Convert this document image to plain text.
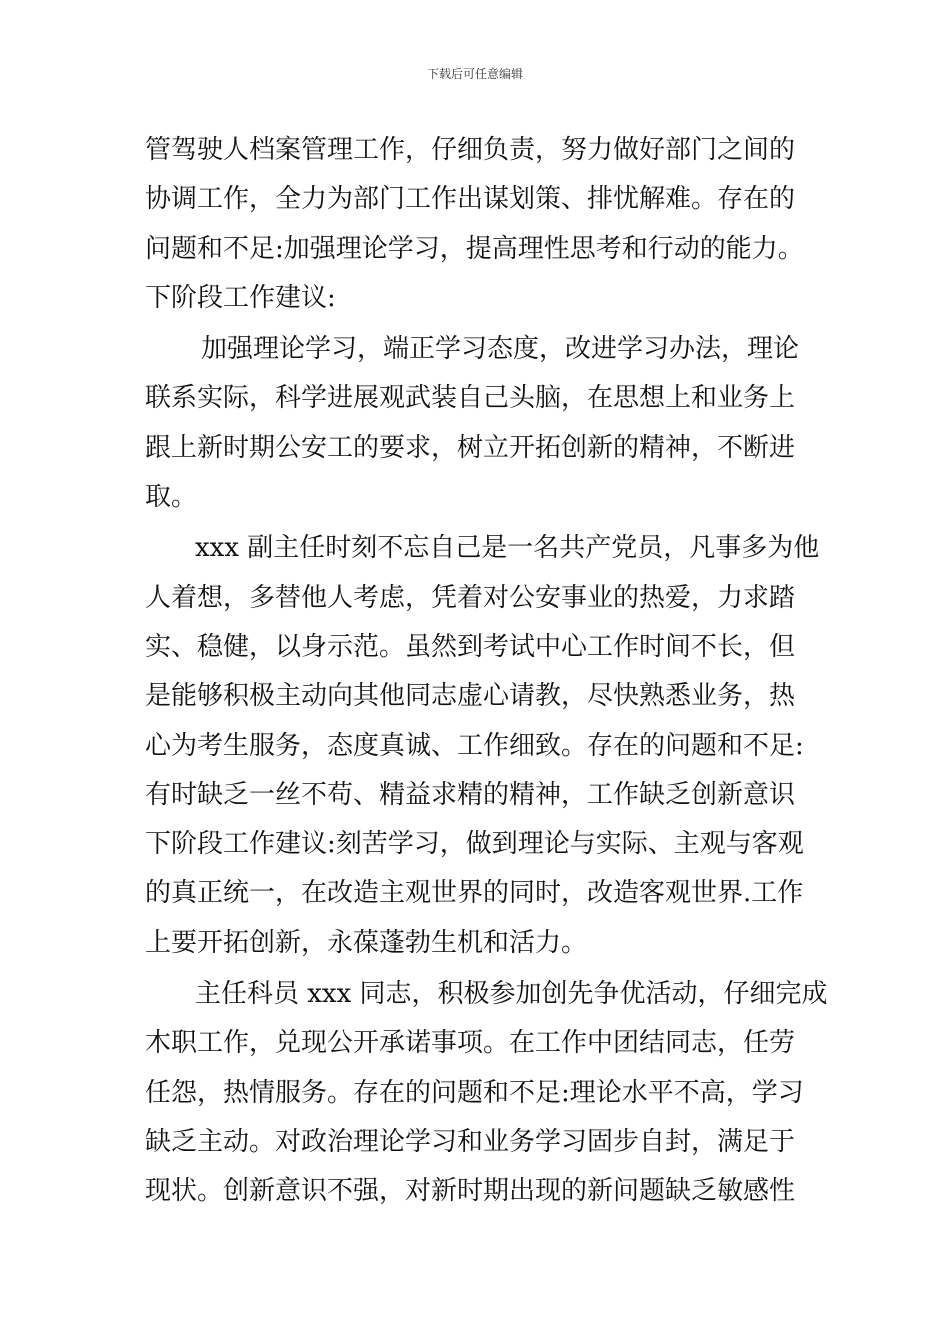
下载后可任意编辑
管驾驶人档案管理工作，仔细负责，努力做好部门之间的
协调工作，全力为部门工作出谋划策、排忧解难。存在的
问题和不足:加强理论学习，提高理性思考和行动的能力。
下阶段工作建议:
加强理论学习，端正学习态度，改进学习办法，理论
联系实际，科学进展观武装自己头脑，在思想上和业务上
跟上新时期公安工的要求，树立开拓创新的精神，不断进
取。
xxx 副主任时刻不忘自己是一名共产党员，凡事多为他
人着想，多替他人考虑，凭着对公安事业的热爱，力求踏
实、稳健，以身示范。虽然到考试中心工作时间不长，但
是能够积极主动向其他同志虚心请教，尽快熟悉业务，热
心为考生服务，态度真诚、工作细致。存在的问题和不足:
有时缺乏一丝不苟、精益求精的精神，工作缺乏创新意识
下阶段工作建议:刻苦学习，做到理论与实际、主观与客观
的真正统一，在改造主观世界的同时，改造客观世界.工作
上要开拓创新，永葆蓬勃生机和活力。
主任科员 xxx 同志，积极参加创先争优活动，仔细完成
木职工作，兑现公开承诺事项。在工作中团结同志，任劳
任怨，热情服务。存在的问题和不足:理论水平不高，学习
缺乏主动。对政治理论学习和业务学习固步自封，满足于
现状。创新意识不强，对新时期出现的新问题缺乏敏感性
